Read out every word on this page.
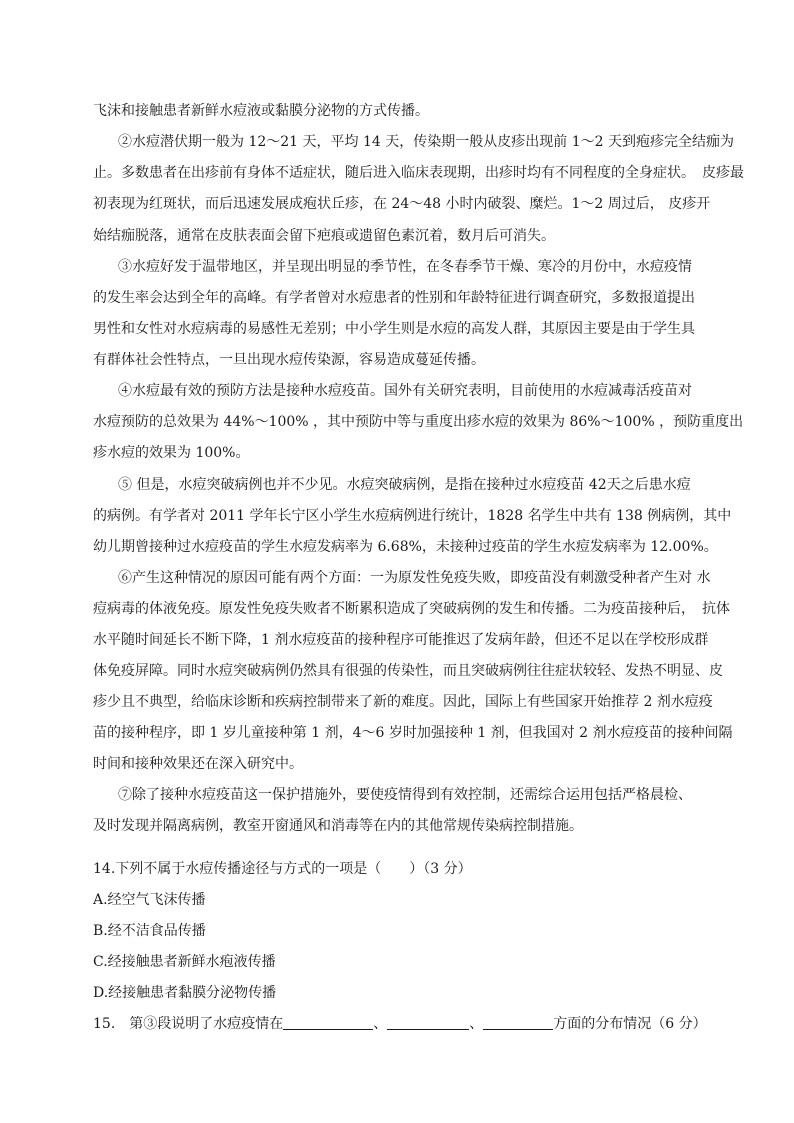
飞沫和接触患者新鲜水痘液或黏膜分泌物的方式传播。
②水痘潜伏期一般为 12～21 天，平均 14 天，传染期一般从皮疹出现前 1～2 天到疱疹完全结痂为
止。多数患者在出疹前有身体不适症状，随后进入临床表现期，出疹时均有不同程度的全身症状。　皮疹最
初表现为红斑状，而后迅速发展成疱状丘疹，在 24～48 小时内破裂、糜烂。1～2 周过后， 皮疹开
始结痂脱落，通常在皮肤表面会留下疤痕或遗留色素沉着，数月后可消失。
③水痘好发于温带地区，并呈现出明显的季节性，在冬春季节干燥、寒冷的月份中，水痘疫情
的发生率会达到全年的高峰。有学者曾对水痘患者的性别和年龄特征进行调查研究，多数报道提出
男性和女性对水痘病毒的易感性无差别；中小学生则是水痘的高发人群，其原因主要是由于学生具
有群体社会性特点，一旦出现水痘传染源，容易造成蔓延传播。
④水痘最有效的预防方法是接种水痘疫苗。国外有关研究表明，目前使用的水痘减毒活疫苗对
水痘预防的总效果为 44%～100% ，其中预防中等与重度出疹水痘的效果为 86%～100% ，预防重度出
疹水痘的效果为 100%。
⑤ 但是，水痘突破病例也并不少见。水痘突破病例，是指在接种过水痘疫苗 42天之后患水痘
的病例。有学者对 2011 学年长宁区小学生水痘病例进行统计，1828 名学生中共有 138 例病例，其中
幼儿期曾接种过水痘疫苗的学生水痘发病率为 6.68%，未接种过疫苗的学生水痘发病率为 12.00%。
⑥产生这种情况的原因可能有两个方面：一为原发性免疫失败，即疫苗没有刺激受种者产生对 水
痘病毒的体液免疫。原发性免疫失败者不断累积造成了突破病例的发生和传播。二为疫苗接种后，　抗体
水平随时间延长不断下降，1 剂水痘疫苗的接种程序可能推迟了发病年龄，但还不足以在学校形成群
体免疫屏障。同时水痘突破病例仍然具有很强的传染性，而且突破病例往往症状较轻、发热不明显、皮
疹少且不典型，给临床诊断和疾病控制带来了新的难度。因此，国际上有些国家开始推荐 2 剂水痘疫
苗的接种程序，即 1 岁儿童接种第 1 剂，4～6 岁时加强接种 1 剂，但我国对 2 剂水痘疫苗的接种间隔
时间和接种效果还在深入研究中。
⑦除了接种水痘疫苗这一保护措施外，要使疫情得到有效控制，还需综合运用包括严格晨检、
及时发现并隔离病例，教室开窗通风和消毒等在内的其他常规传染病控制措施。
14.下列不属于水痘传播途径与方式的一项是（　　）（3 分）
A.经空气飞沫传播
B.经不洁食品传播
C.经接触患者新鲜水疱液传播
D.经接触患者黏膜分泌物传播
15.　第③段说明了水痘疫情在	、	、	方面的分布情况（6 分）
